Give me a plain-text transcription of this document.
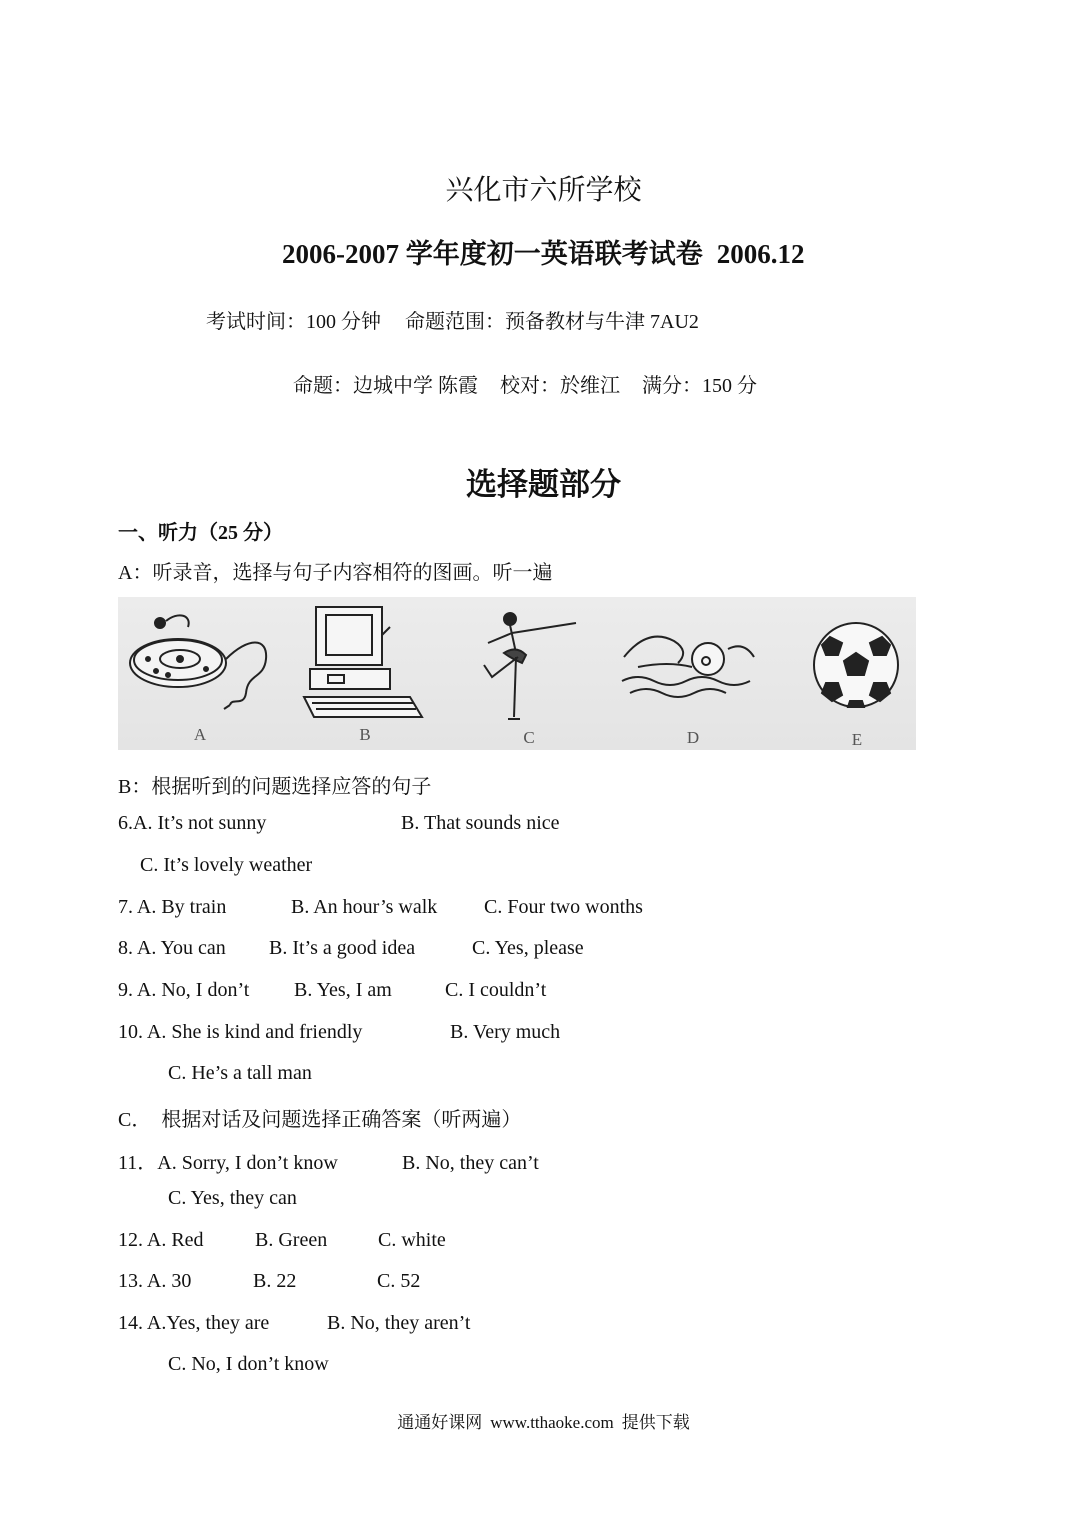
兴化市六所学校
2006-2007 学年度初一英语联考试卷 2006.12
考试时间：100 分钟 命题范围：预备教材与牛津 7AU2
命题：边城中学 陈霞 校对：於维江 满分：150 分
选择题部分
一、听力（25 分）
A：听录音，选择与句子内容相符的图画。听一遍
A	B	C	D	E
B：根据听到的问题选择应答的句子
6.A. It’s not sunny	B. That sounds nice
C. It’s lovely weather
7. A. By train	B. An hour’s walk C. Four two wonths
8. A. You can B. It’s a good idea	C. Yes, please
9. A. No, I don’t B. Yes, I am	C. I couldn’t
10. A. She is kind and friendly	B. Very much
C. He’s a tall man
C．　根据对话及问题选择正确答案（听两遍）
11．A. Sorry, I don’t know	B. No, they can’t
C. Yes, they can
12. A. Red	B. Green	C. white
13. A. 30	B. 22	C. 52
14. A.Yes, they are	B. No, they aren’t
C. No, I don’t know
通通好课网 www.tthaoke.com 提供下载
